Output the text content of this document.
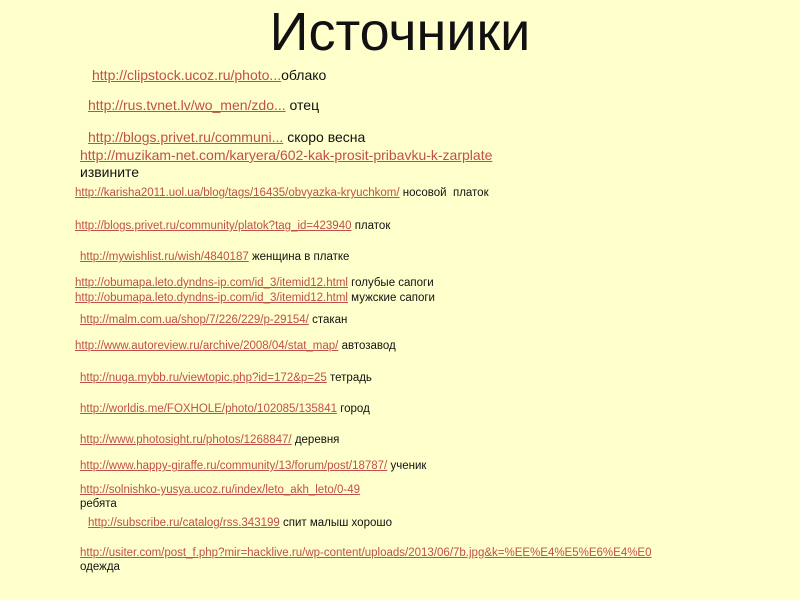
Источники
http://clipstock.ucoz.ru/photo...облако
http://rus.tvnet.lv/wo_men/zdo... отец
http://blogs.privet.ru/communi... скоро весна
http://muzikam-net.com/karyera/602-kak-prosit-pribavku-k-zarplate
извините
http://karisha2011.uol.ua/blog/tags/16435/obvyazka-kryuchkom/ носовой  платок
http://blogs.privet.ru/community/platok?tag_id=423940 платок
http://mywishlist.ru/wish/4840187 женщина в платке
http://obumapa.leto.dyndns-ip.com/id_3/itemid12.html голубые сапоги
http://obumapa.leto.dyndns-ip.com/id_3/itemid12.html мужские сапоги
http://malm.com.ua/shop/7/226/229/p-29154/ стакан
http://www.autoreview.ru/archive/2008/04/stat_map/ автозавод
http://nuga.mybb.ru/viewtopic.php?id=172&p=25 тетрадь
http://worldis.me/FOXHOLE/photo/102085/135841 город
http://www.photosight.ru/photos/1268847/ деревня
http://www.happy-giraffe.ru/community/13/forum/post/18787/ ученик
http://solnishko-yusya.ucoz.ru/index/leto_akh_leto/0-49
ребята
http://subscribe.ru/catalog/rss.343199 спит малыш хорошо
http://usiter.com/post_f.php?mir=hacklive.ru/wp-content/uploads/2013/06/7b.jpg&k=%EE%E4%E5%E6%E4%E0
одежда
